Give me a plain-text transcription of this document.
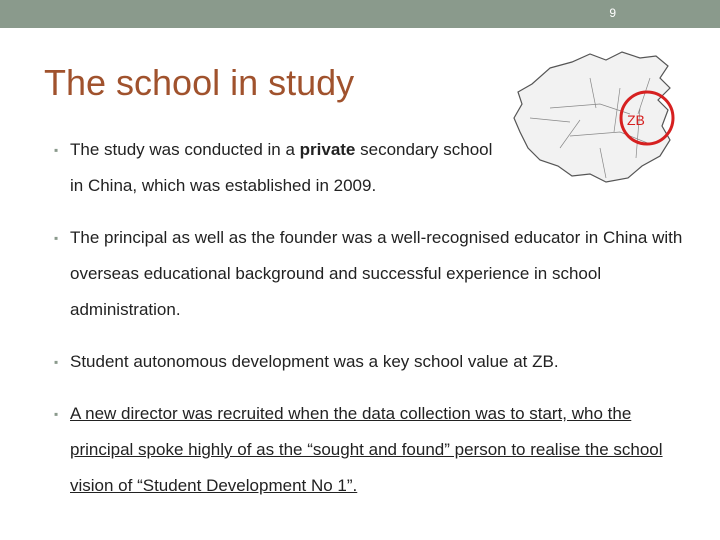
9
The school in study
ZB
▪ The study was conducted in a private secondary school in China, which was established in 2009.
▪ The principal as well as the founder was a well-recognised educator in China with overseas educational background and successful experience in school administration.
▪ Student autonomous development was a key school value at ZB.
▪ A new director was recruited when the data collection was to start, who the principal spoke highly of as the “sought and found” person to realise the school vision of “Student Development No 1”.
